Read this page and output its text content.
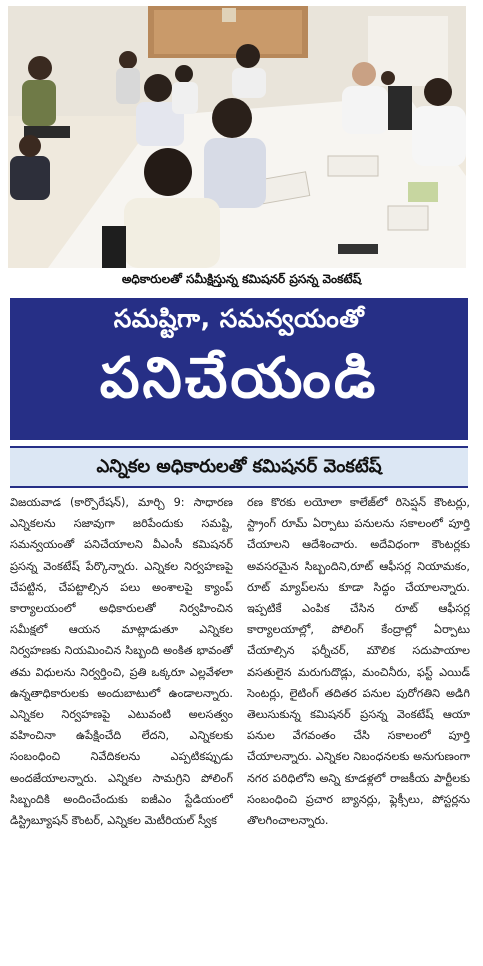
అధికారులతో సమీక్షిస్తున్న కమిషనర్ ప్రసన్న వెంకటేష్
సమష్టిగా, సమన్వయంతో
పనిచేయండి
ఎన్నికల అధికారులతో కమిషనర్ వెంకటేష్
విజయవాడ (కార్పొరేషన్), మార్చి 9: సాధారణ ఎన్నికలను సజావుగా జరిపేందుకు సమష్టి, సమన్వయంతో పనిచేయాలని వీఎంసీ కమిషనర్ ప్రసన్న వెంకటేష్ పేర్కొన్నారు. ఎన్నికల నిర్వహణపై చేపట్టిన, చేపట్టాల్సిన పలు అంశాలపై క్యాంప్ కార్యాలయంలో అధికారులతో నిర్వహించిన సమీక్షలో ఆయన మాట్లాడుతూ ఎన్నికల నిర్వహణకు నియమించిన సిబ్బంది అంకిత భావంతో తమ విధులను నిర్వర్తించి, ప్రతి ఒక్కరూ ఎల్లవేళలా ఉన్నతాధికారులకు అందుబాటులో ఉండాలన్నారు. ఎన్నికల నిర్వహణపై ఎటువంటి అలసత్వం వహించినా ఉపేక్షించేది లేదని, ఎన్నికలకు సంబంధించి నివేదికలను ఎప్పటికప్పుడు అందజేయాలన్నారు. ఎన్నికల సామగ్రిని పోలింగ్ సిబ్బందికి అందించేందుకు ఐజీఎం స్టేడియంలో డిస్ట్రిబ్యూషన్ కౌంటర్, ఎన్నికల మెటీరియల్ స్వీక
రణ కొరకు లయోలా కాలేజ్‌లో రిసెప్షన్ కౌంటర్లు, స్ట్రాంగ్ రూమ్ ఏర్పాటు పనులను సకాలంలో పూర్తి చేయాలని ఆదేశించారు. అదేవిధంగా కౌంటర్లకు అవసరమైన సిబ్బందిని,రూట్ ఆఫీసర్ల నియామకం, రూట్ మ్యాప్‌లను కూడా సిద్ధం చేయాలన్నారు. ఇప్పటికే ఎంపిక చేసిన రూట్ ఆఫీసర్ల కార్యాలయాల్లో, పోలింగ్ కేంద్రాల్లో ఏర్పాటు చేయాల్సిన ఫర్నీచర్, మౌలిక సదుపాయాల వసతులైన మరుగుదొడ్లు, మంచినీరు, ఫస్ట్ ఎయిడ్ సెంటర్లు, లైటింగ్ తదితర పనుల పురోగతిని అడిగి తెలుసుకున్న కమిషనర్ ప్రసన్న వెంకటేష్ ఆయా పనుల వేగవంతం చేసి సకాలంలో పూర్తి చేయాలన్నారు. ఎన్నికల నిబంధనలకు అనుగుణంగా నగర పరిధిలోని అన్ని కూడళ్లలో రాజకీయ పార్టీలకు సంబంధించి ప్రచార బ్యానర్లు, ఫ్లెక్సీలు, పోస్టర్లను తొలగించాలన్నారు.
